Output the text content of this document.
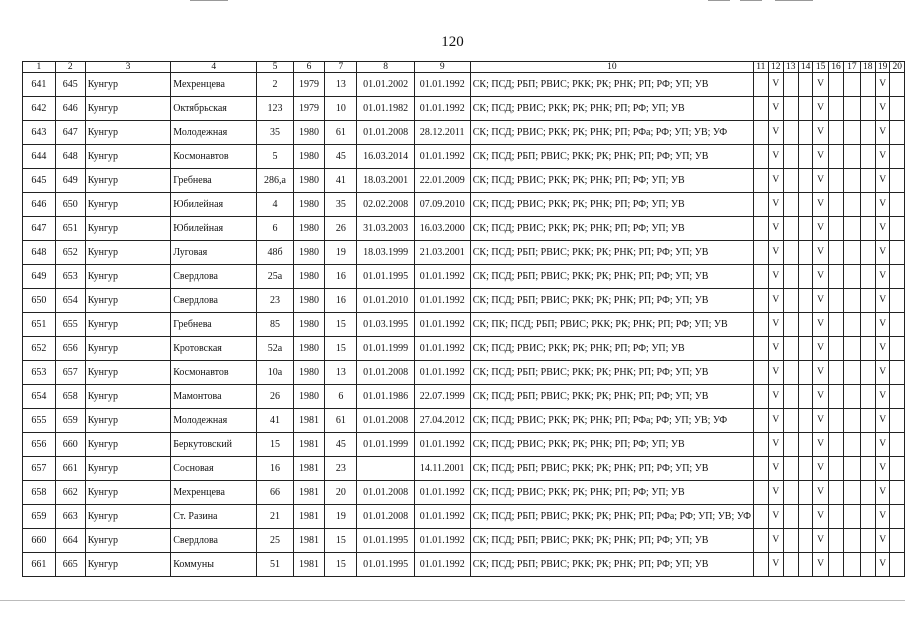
120
1	2	3	4	5	6	7	8	9	10	11	12	13	14	15	16	17	18	19	20
641	645	Кунгур	Мехренцева	2	1979	13	01.01.2002	01.01.1992	СК; ПСД; РБП; РВИС; РКК; РК; РНК; РП; РФ; УП; УВ		V			V				V	
642	646	Кунгур	Октябрьская	123	1979	10	01.01.1982	01.01.1992	СК; ПСД; РВИС; РКК; РК; РНК; РП; РФ; УП; УВ		V			V				V	
643	647	Кунгур	Молодежная	35	1980	61	01.01.2008	28.12.2011	СК; ПСД; РВИС; РКК; РК; РНК; РП; РФа; РФ; УП; УВ; УФ		V			V				V	
644	648	Кунгур	Космонавтов	5	1980	45	16.03.2014	01.01.1992	СК; ПСД; РБП; РВИС; РКК; РК; РНК; РП; РФ; УП; УВ		V			V				V	
645	649	Кунгур	Гребнева	286,а	1980	41	18.03.2001	22.01.2009	СК; ПСД; РВИС; РКК; РК; РНК; РП; РФ; УП; УВ		V			V				V	
646	650	Кунгур	Юбилейная	4	1980	35	02.02.2008	07.09.2010	СК; ПСД; РВИС; РКК; РК; РНК; РП; РФ; УП; УВ		V			V				V	
647	651	Кунгур	Юбилейная	6	1980	26	31.03.2003	16.03.2000	СК; ПСД; РВИС; РКК; РК; РНК; РП; РФ; УП; УВ		V			V				V	
648	652	Кунгур	Луговая	48б	1980	19	18.03.1999	21.03.2001	СК; ПСД; РБП; РВИС; РКК; РК; РНК; РП; РФ; УП; УВ		V			V				V	
649	653	Кунгур	Свердлова	25а	1980	16	01.01.1995	01.01.1992	СК; ПСД; РБП; РВИС; РКК; РК; РНК; РП; РФ; УП; УВ		V			V				V	
650	654	Кунгур	Свердлова	23	1980	16	01.01.2010	01.01.1992	СК; ПСД; РБП; РВИС; РКК; РК; РНК; РП; РФ; УП; УВ		V			V				V	
651	655	Кунгур	Гребнева	85	1980	15	01.03.1995	01.01.1992	СК; ПК; ПСД; РБП; РВИС; РКК; РК; РНК; РП; РФ; УП; УВ		V			V				V	
652	656	Кунгур	Кротовская	52а	1980	15	01.01.1999	01.01.1992	СК; ПСД; РВИС; РКК; РК; РНК; РП; РФ; УП; УВ		V			V				V	
653	657	Кунгур	Космонавтов	10а	1980	13	01.01.2008	01.01.1992	СК; ПСД; РБП; РВИС; РКК; РК; РНК; РП; РФ; УП; УВ		V			V				V	
654	658	Кунгур	Мамонтова	26	1980	6	01.01.1986	22.07.1999	СК; ПСД; РБП; РВИС; РКК; РК; РНК; РП; РФ; УП; УВ		V			V				V	
655	659	Кунгур	Молодежная	41	1981	61	01.01.2008	27.04.2012	СК; ПСД; РВИС; РКК; РК; РНК; РП; РФа; РФ; УП; УВ; УФ		V			V				V	
656	660	Кунгур	Беркутовский	15	1981	45	01.01.1999	01.01.1992	СК; ПСД; РВИС; РКК; РК; РНК; РП; РФ; УП; УВ		V			V				V	
657	661	Кунгур	Сосновая	16	1981	23		14.11.2001	СК; ПСД; РБП; РВИС; РКК; РК; РНК; РП; РФ; УП; УВ		V			V				V	
658	662	Кунгур	Мехренцева	66	1981	20	01.01.2008	01.01.1992	СК; ПСД; РВИС; РКК; РК; РНК; РП; РФ; УП; УВ		V			V				V	
659	663	Кунгур	Ст. Разина	21	1981	19	01.01.2008	01.01.1992	СК; ПСД; РБП; РВИС; РКК; РК; РНК; РП; РФа; РФ; УП; УВ; УФ		V			V				V	
660	664	Кунгур	Свердлова	25	1981	15	01.01.1995	01.01.1992	СК; ПСД; РБП; РВИС; РКК; РК; РНК; РП; РФ; УП; УВ		V			V				V	
661	665	Кунгур	Коммуны	51	1981	15	01.01.1995	01.01.1992	СК; ПСД; РБП; РВИС; РКК; РК; РНК; РП; РФ; УП; УВ		V			V				V	
